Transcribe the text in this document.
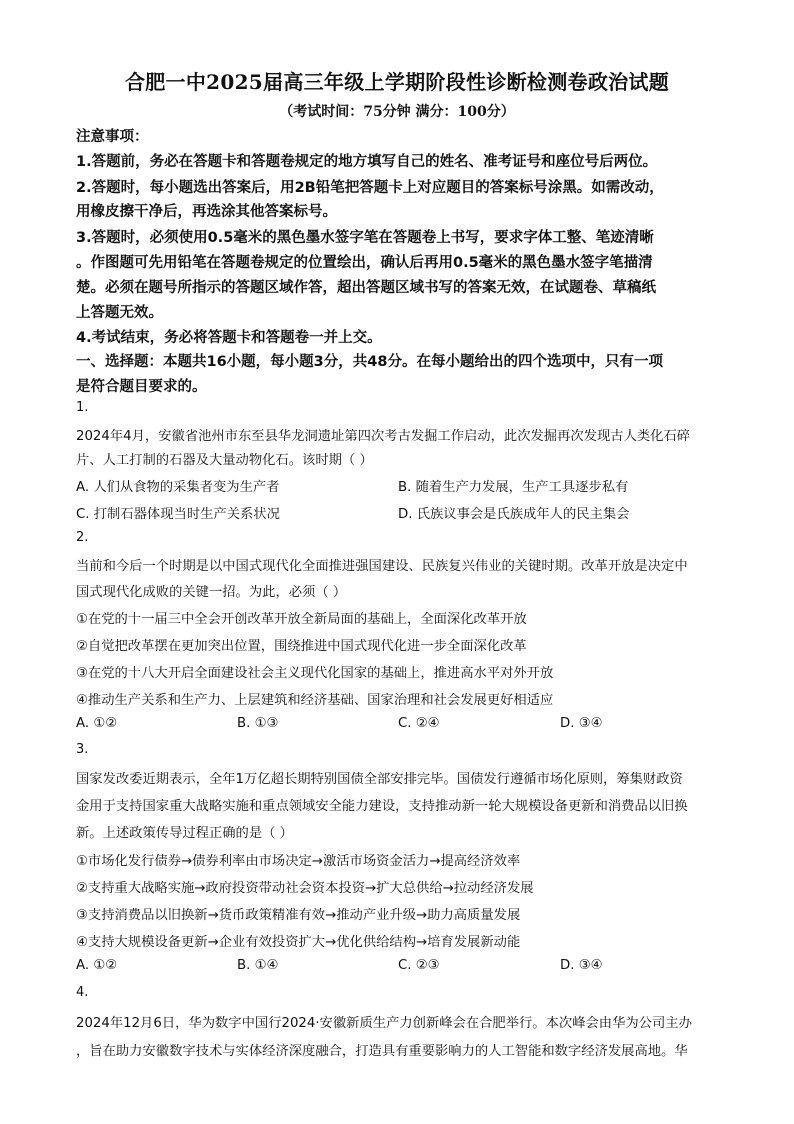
合肥一中2025届高三年级上学期阶段性诊断检测卷政治试题
（考试时间：75分钟 满分：100分）
注意事项：
1.答题前，务必在答题卡和答题卷规定的地方填写自己的姓名、准考证号和座位号后两位。
2.答题时，每小题选出答案后，用2B铅笔把答题卡上对应题目的答案标号涂黑。如需改动，
用橡皮擦干净后，再选涂其他答案标号。
3.答题时，必须使用0.5毫米的黑色墨水签字笔在答题卷上书写，要求字体工整、笔迹清晰
。作图题可先用铅笔在答题卷规定的位置绘出，确认后再用0.5毫米的黑色墨水签字笔描清
楚。必须在题号所指示的答题区域作答，超出答题区域书写的答案无效，在试题卷、草稿纸
上答题无效。
4.考试结束，务必将答题卡和答题卷一并上交。
一、选择题：本题共16小题，每小题3分，共48分。在每小题给出的四个选项中，只有一项
是符合题目要求的。
1.
2024年4月，安徽省池州市东至县华龙洞遗址第四次考古发掘工作启动，此次发掘再次发现古人类化石碎
片、人工打制的石器及大量动物化石。该时期（ ）
A. 人们从食物的采集者变为生产者	B. 随着生产力发展，生产工具逐步私有
C. 打制石器体现当时生产关系状况	D. 氏族议事会是氏族成年人的民主集会
2.
当前和今后一个时期是以中国式现代化全面推进强国建设、民族复兴伟业的关键时期。改革开放是决定中
国式现代化成败的关键一招。为此，必须（ ）
①在党的十一届三中全会开创改革开放全新局面的基础上，全面深化改革开放
②自觉把改革摆在更加突出位置，围绕推进中国式现代化进一步全面深化改革
③在党的十八大开启全面建设社会主义现代化国家的基础上，推进高水平对外开放
④推动生产关系和生产力、上层建筑和经济基础、国家治理和社会发展更好相适应
A. ①②	B. ①③	C. ②④	D. ③④
3.
国家发改委近期表示，全年1万亿超长期特别国债全部安排完毕。国债发行遵循市场化原则，筹集财政资
金用于支持国家重大战略实施和重点领域安全能力建设，支持推动新一轮大规模设备更新和消费品以旧换
新。上述政策传导过程正确的是（ ）
①市场化发行债券→债券利率由市场决定→激活市场资金活力→提高经济效率
②支持重大战略实施→政府投资带动社会资本投资→扩大总供给→拉动经济发展
③支持消费品以旧换新→货币政策精准有效→推动产业升级→助力高质量发展
④支持大规模设备更新→企业有效投资扩大→优化供给结构→培育发展新动能
A. ①②	B. ①④	C. ②③	D. ③④
4.
2024年12月6日，华为数字中国行2024·安徽新质生产力创新峰会在合肥举行。本次峰会由华为公司主办
，旨在助力安徽数字技术与实体经济深度融合，打造具有重要影响力的人工智能和数字经济发展高地。华
